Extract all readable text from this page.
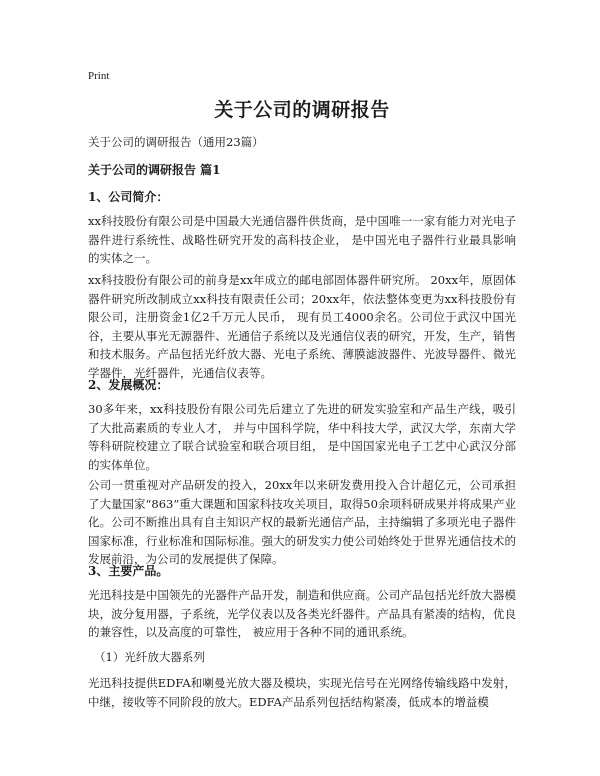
Print
关于公司的调研报告
关于公司的调研报告（通用23篇）
关于公司的调研报告 篇1
1、公司简介：
xx科技股份有限公司是中国最大光通信器件供货商，是中国唯一一家有能力对光电子器件进行系统性、战略性研究开发的高科技企业， 是中国光电子器件行业最具影响的实体之一。
xx科技股份有限公司的前身是xx年成立的邮电部固体器件研究所。 20xx年，原固体器件研究所改制成立xx科技有限责任公司；20xx年，依法整体变更为xx科技股份有限公司，注册资金1亿2千万元人民币， 现有员工4000余名。公司位于武汉中国光谷，主要从事光无源器件、光通信子系统以及光通信仪表的研究，开发，生产，销售和技术服务。产品包括光纤放大器、光电子系统、薄膜滤波器件、光波导器件、微光学器件，光纤器件，光通信仪表等。
2、发展概况：
30多年来，xx科技股份有限公司先后建立了先进的研发实验室和产品生产线，吸引了大批高素质的专业人才， 并与中国科学院，华中科技大学，武汉大学，东南大学等科研院校建立了联合试验室和联合项目组， 是中国国家光电子工艺中心武汉分部的实体单位。
公司一贯重视对产品研发的投入，20xx年以来研发费用投入合计超亿元，公司承担了大量国家“863”重大课题和国家科技攻关项目，取得50余项科研成果并将成果产业化。公司不断推出具有自主知识产权的最新光通信产品，主持编辑了多项光电子器件国家标准，行业标准和国际标准。强大的研发实力使公司始终处于世界光通信技术的发展前沿，为公司的发展提供了保障。
3、主要产品。
光迅科技是中国领先的光器件产品开发，制造和供应商。公司产品包括光纤放大器模块，波分复用器，子系统，光学仪表以及各类光纤器件。产品具有紧凑的结构，优良的兼容性，以及高度的可靠性， 被应用于各种不同的通讯系统。
（1）光纤放大器系列
光迅科技提供EDFA和喇曼光放大器及模块，实现光信号在光网络传输线路中发射，中继，接收等不同阶段的放大。EDFA产品系列包括结构紧凑，低成本的增益模
